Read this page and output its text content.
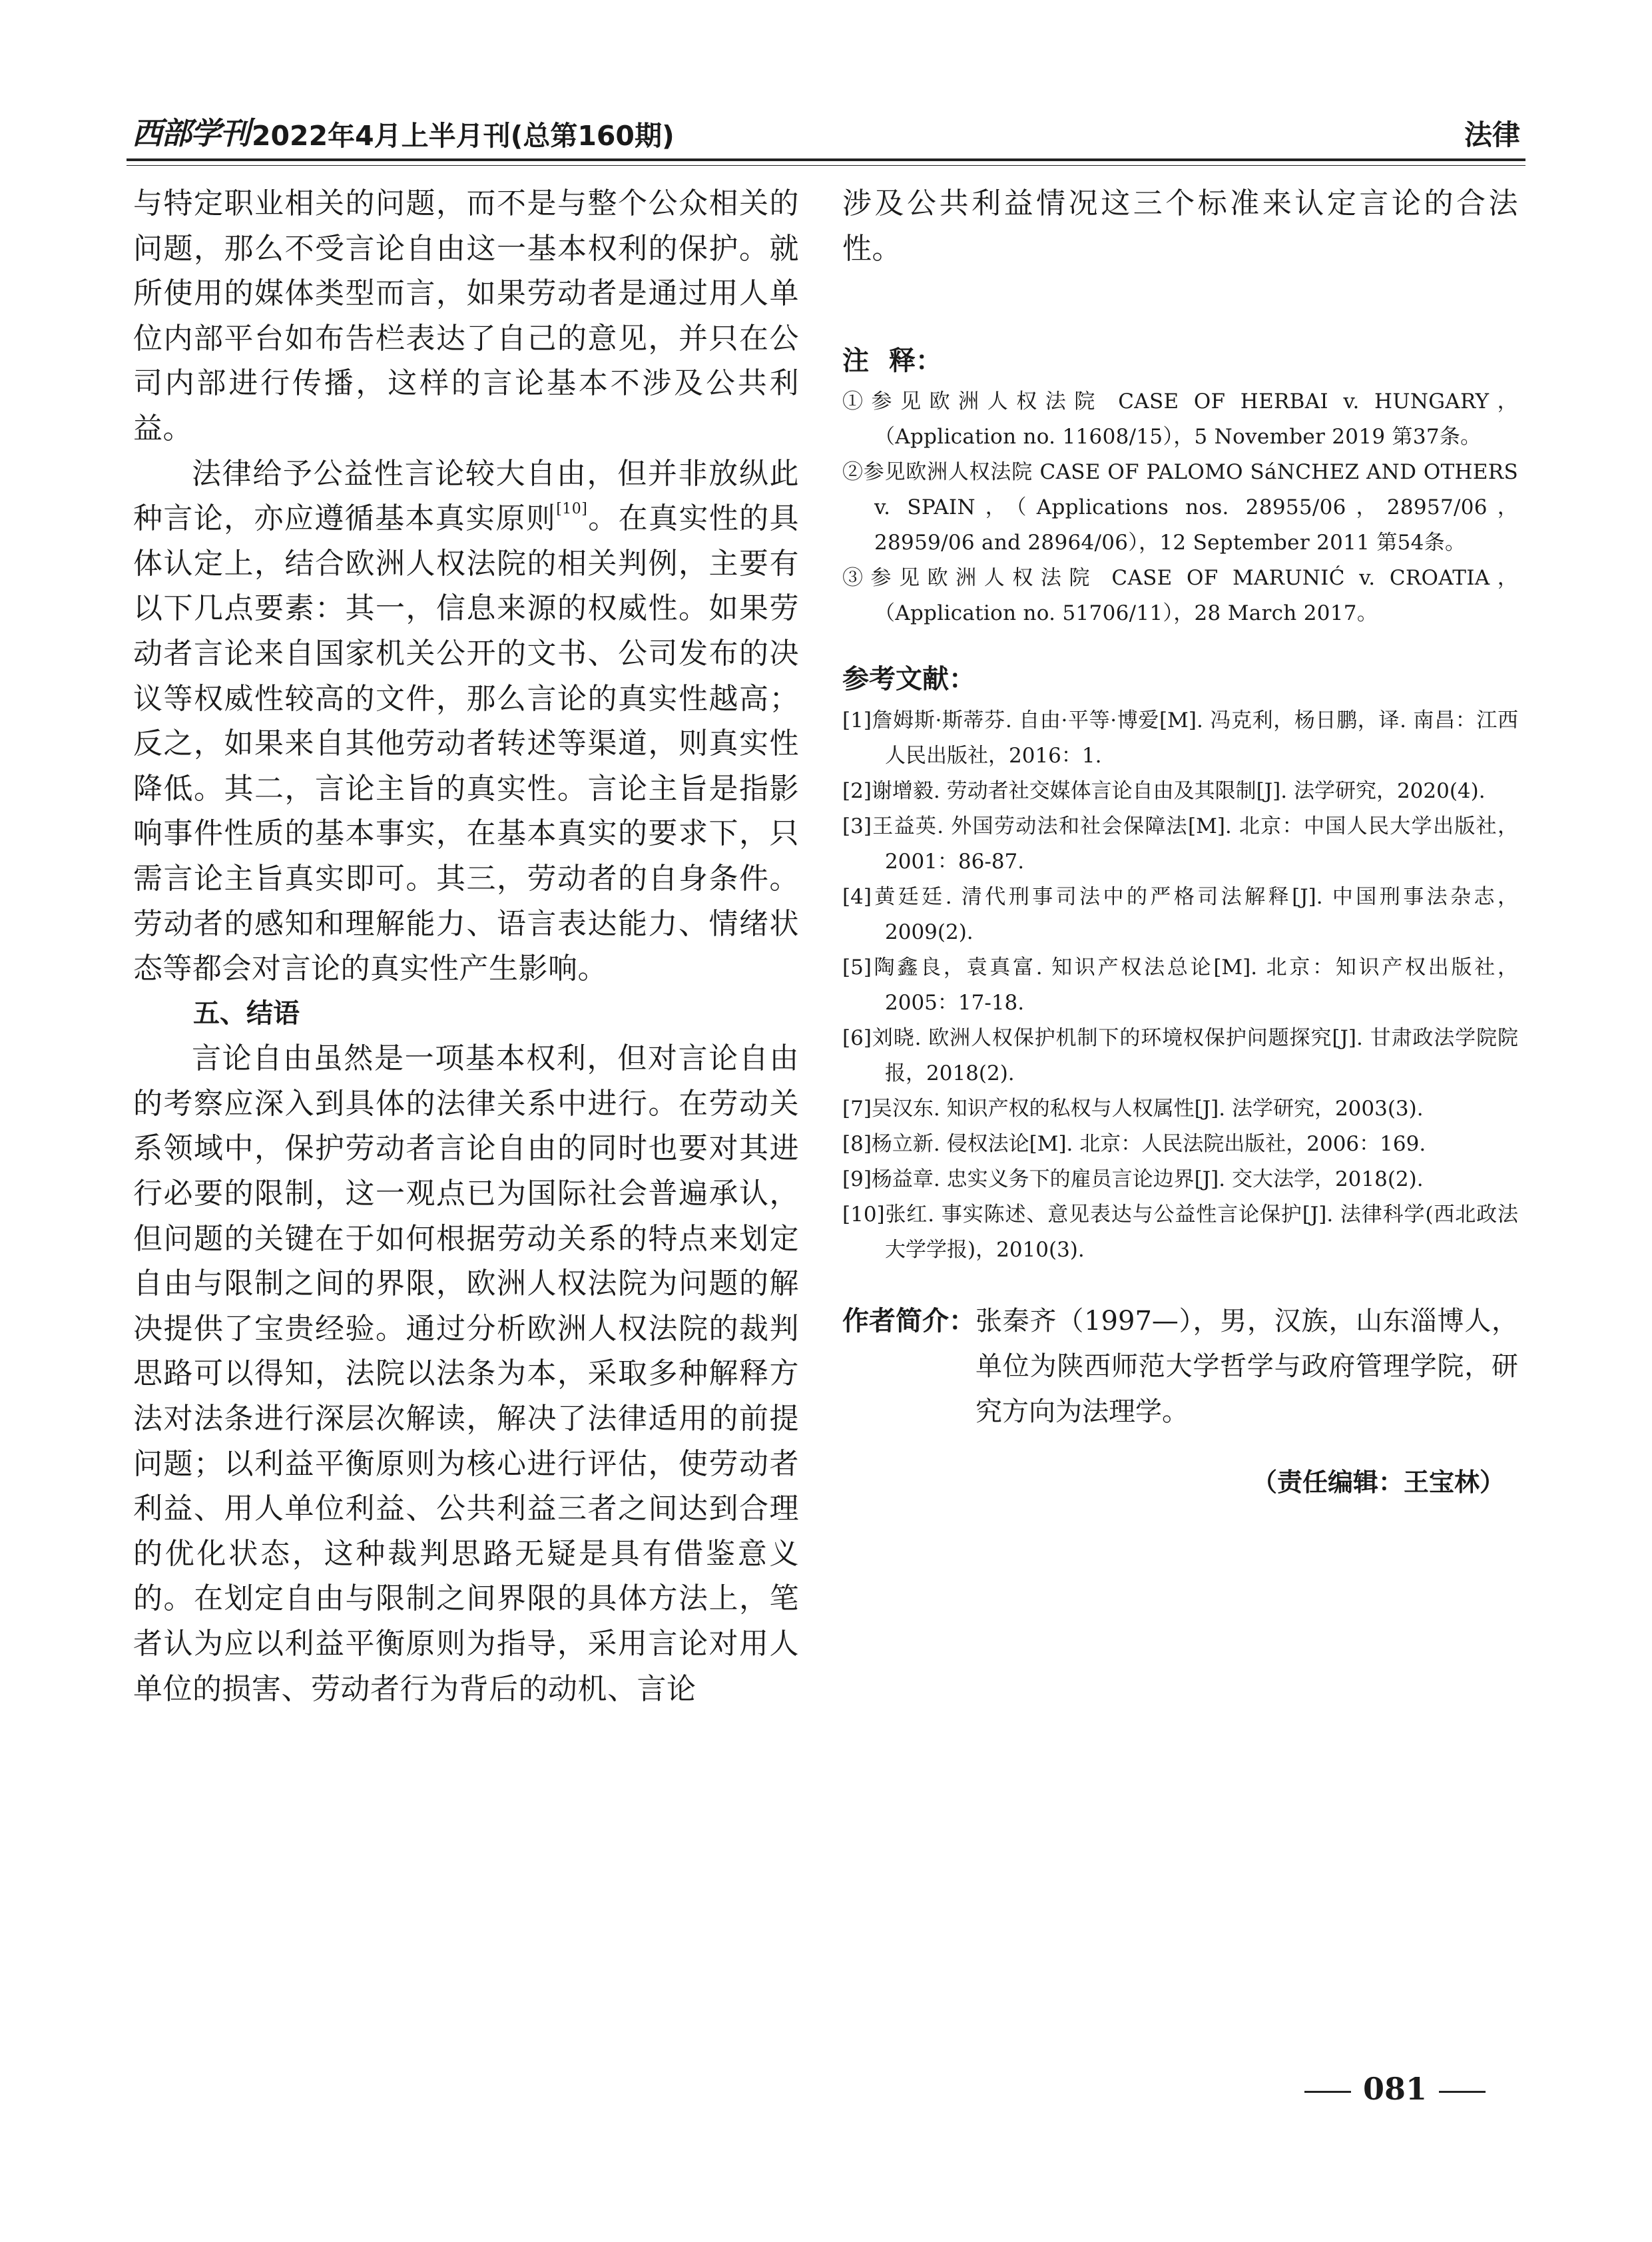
西部学刊 2022年4月上半月刊(总第160期)	法律

与特定职业相关的问题，而不是与整个公众相关的问题，那么不受言论自由这一基本权利的保护。就所使用的媒体类型而言，如果劳动者是通过用人单位内部平台如布告栏表达了自己的意见，并只在公司内部进行传播，这样的言论基本不涉及公共利益。

法律给予公益性言论较大自由，但并非放纵此种言论，亦应遵循基本真实原则[10]。在真实性的具体认定上，结合欧洲人权法院的相关判例，主要有以下几点要素：其一，信息来源的权威性。如果劳动者言论来自国家机关公开的文书、公司发布的决议等权威性较高的文件，那么言论的真实性越高；反之，如果来自其他劳动者转述等渠道，则真实性降低。其二，言论主旨的真实性。言论主旨是指影响事件性质的基本事实，在基本真实的要求下，只需言论主旨真实即可。其三，劳动者的自身条件。劳动者的感知和理解能力、语言表达能力、情绪状态等都会对言论的真实性产生影响。

五、结语

言论自由虽然是一项基本权利，但对言论自由的考察应深入到具体的法律关系中进行。在劳动关系领域中，保护劳动者言论自由的同时也要对其进行必要的限制，这一观点已为国际社会普遍承认，但问题的关键在于如何根据劳动关系的特点来划定自由与限制之间的界限，欧洲人权法院为问题的解决提供了宝贵经验。通过分析欧洲人权法院的裁判思路可以得知，法院以法条为本，采取多种解释方法对法条进行深层次解读，解决了法律适用的前提问题；以利益平衡原则为核心进行评估，使劳动者利益、用人单位利益、公共利益三者之间达到合理的优化状态，这种裁判思路无疑是具有借鉴意义的。在划定自由与限制之间界限的具体方法上，笔者认为应以利益平衡原则为指导，采用言论对用人单位的损害、劳动者行为背后的动机、言论

涉及公共利益情况这三个标准来认定言论的合法性。

注释：

①参见欧洲人权法院 CASE OF HERBAI v. HUNGARY，（Application no. 11608/15），5 November 2019 第37条。

②参见欧洲人权法院 CASE OF PALOMO SáNCHEZ AND OTHERS v. SPAIN，（Applications nos. 28955/06，28957/06，28959/06 and 28964/06），12 September 2011 第54条。

③参见欧洲人权法院 CASE OF MARUNIĆ v. CROATIA，（Application no. 51706/11），28 March 2017。

参考文献：

[1]詹姆斯·斯蒂芬. 自由·平等·博爱[M]. 冯克利，杨日鹏，译. 南昌：江西人民出版社，2016：1.

[2]谢增毅. 劳动者社交媒体言论自由及其限制[J]. 法学研究，2020(4).

[3]王益英. 外国劳动法和社会保障法[M]. 北京：中国人民大学出版社，2001：86-87.

[4]黄廷廷. 清代刑事司法中的严格司法解释[J]. 中国刑事法杂志，2009(2).

[5]陶鑫良，袁真富. 知识产权法总论[M]. 北京：知识产权出版社，2005：17-18.

[6]刘晓. 欧洲人权保护机制下的环境权保护问题探究[J]. 甘肃政法学院院报，2018(2).

[7]吴汉东. 知识产权的私权与人权属性[J]. 法学研究，2003(3).

[8]杨立新. 侵权法论[M]. 北京：人民法院出版社，2006：169.

[9]杨益章. 忠实义务下的雇员言论边界[J]. 交大法学，2018(2).

[10]张红. 事实陈述、意见表达与公益性言论保护[J]. 法律科学(西北政法大学学报)，2010(3).

作者简介： 张秦齐（1997—），男，汉族，山东淄博人，单位为陕西师范大学哲学与政府管理学院，研究方向为法理学。

（责任编辑：王宝林）

081
